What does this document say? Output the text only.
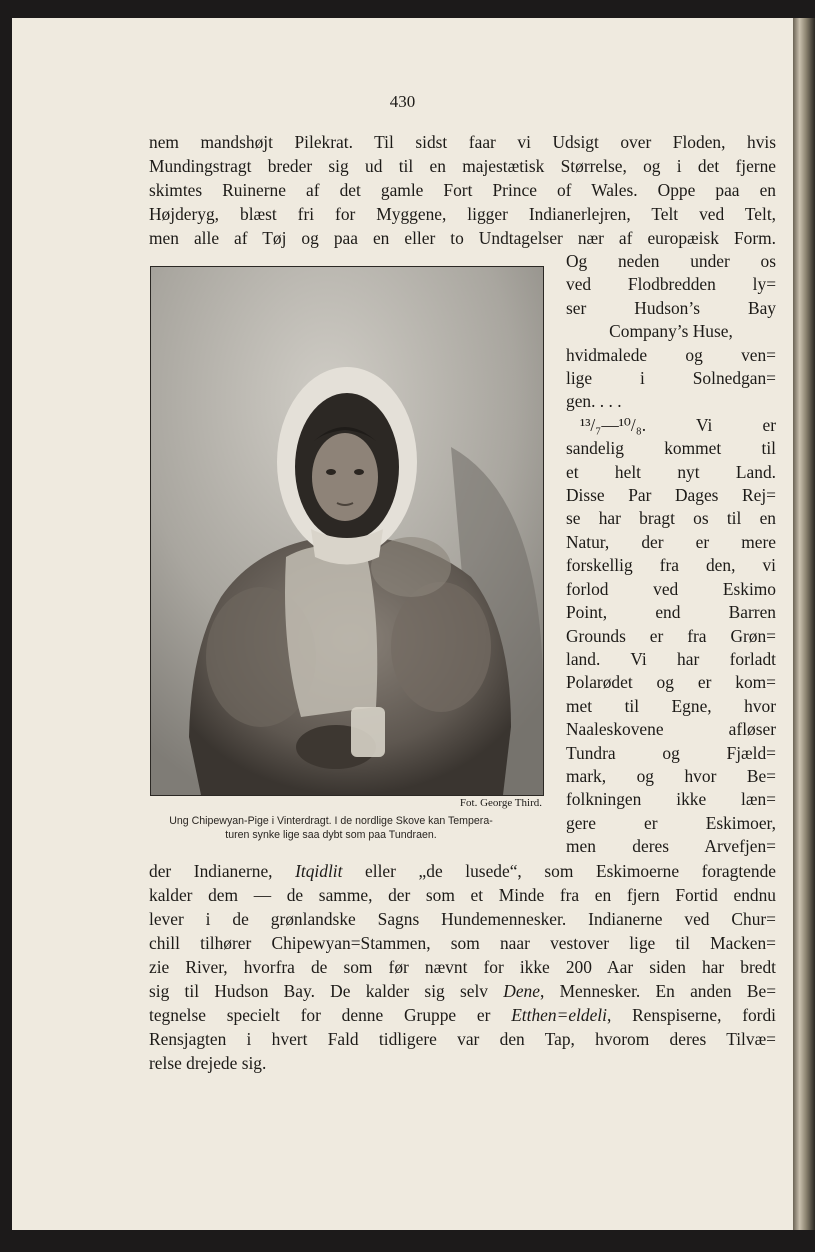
430

nem mandshøjt Pilekrat. Til sidst faar vi Udsigt over Floden, hvis
Mundingstragt breder sig ud til en majestætisk Størrelse, og i det fjerne
skimtes Ruinerne af det gamle Fort Prince of Wales. Oppe paa en
Højderyg, blæst fri for Myggene, ligger Indianerlejren, Telt ved Telt,
men alle af Tøj og paa en eller to Undtagelser nær af europæisk Form.

Fot. George Third.
Ung Chipewyan-Pige i Vinterdragt. I de nordlige Skove kan Tempera-
turen synke lige saa dybt som paa Tundraen.
Og neden under os
ved Flodbredden ly=
ser Hudson’s Bay
Company’s Huse,
hvidmalede og ven=
lige i Solnedgan=
gen. . . .
¹³/₇—¹⁰/₈. Vi er
sandelig kommet til
et helt nyt Land.
Disse Par Dages Rej=
se har bragt os til en
Natur, der er mere
forskellig fra den, vi
forlod ved Eskimo
Point, end Barren
Grounds er fra Grøn=
land. Vi har forladt
Polarødet og er kom=
met til Egne, hvor
Naaleskovene afløser
Tundra og Fjæld=
mark, og hvor Be=
folkningen ikke læn=
gere er Eskimoer,
men deres Arvefjen=

der Indianerne, Itqidlit eller „de lusede“, som Eskimoerne foragtende
kalder dem — de samme, der som et Minde fra en fjern Fortid endnu
lever i de grønlandske Sagns Hundemennesker. Indianerne ved Chur=
chill tilhører Chipewyan=Stammen, som naar vestover lige til Macken=
zie River, hvorfra de som før nævnt for ikke 200 Aar siden har bredt
sig til Hudson Bay. De kalder sig selv Dene, Mennesker. En anden Be=
tegnelse specielt for denne Gruppe er Etthen=eldeli, Renspiserne, fordi
Rensjagten i hvert Fald tidligere var den Tap, hvorom deres Tilvæ=
relse drejede sig.
